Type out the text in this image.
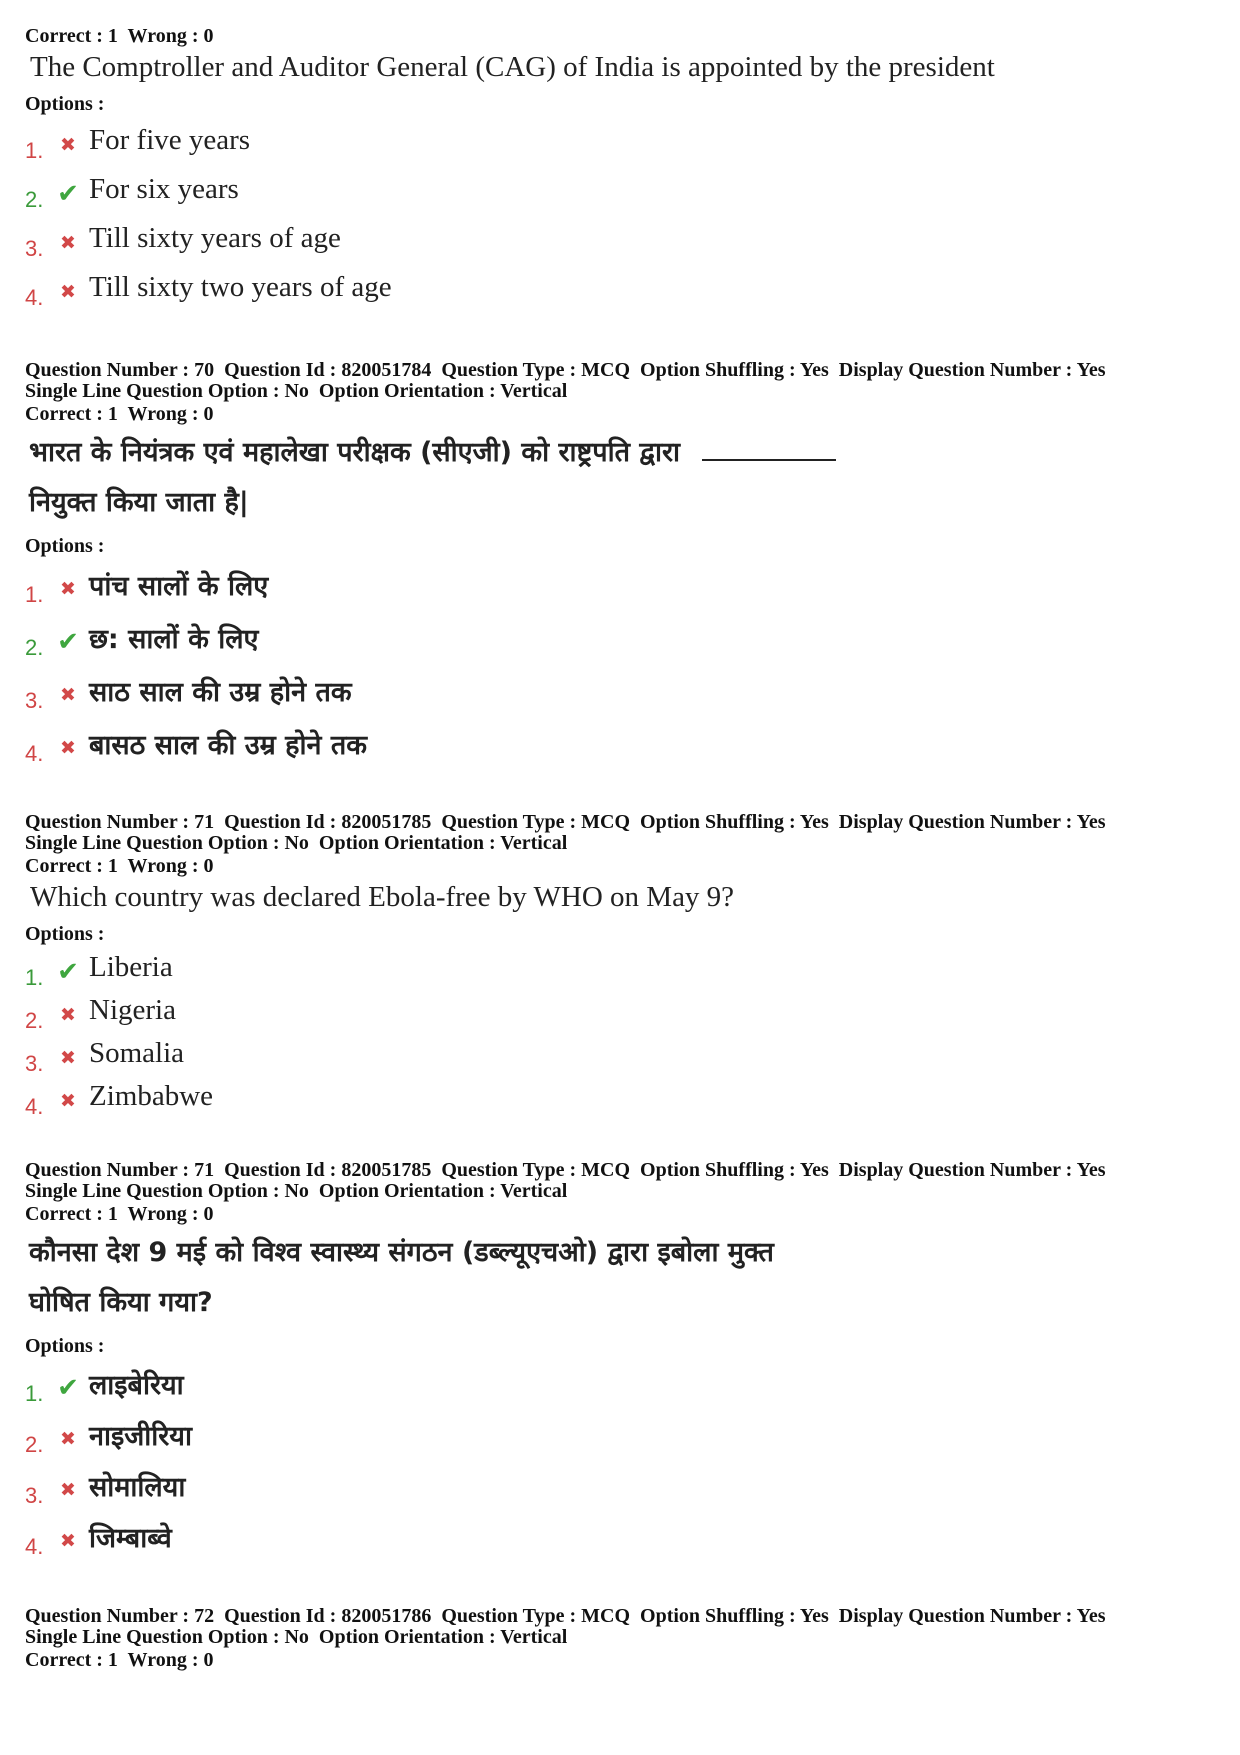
Correct : 1  Wrong : 0
The Comptroller and Auditor General (CAG) of India is appointed by the president
Options :
1. ✖ For five years
2. ✔ For six years
3. ✖ Till sixty years of age
4. ✖ Till sixty two years of age
Question Number : 70  Question Id : 820051784  Question Type : MCQ  Option Shuffling : Yes  Display Question Number : Yes
Single Line Question Option : No  Option Orientation : Vertical
Correct : 1  Wrong : 0
भारत के नियंत्रक एवं महालेखा परीक्षक (सीएजी) को राष्ट्रपति द्वारा
नियुक्त किया जाता है|
Options :
1. ✖ पांच सालों के लिए
2. ✔ छ: सालों के लिए
3. ✖ साठ साल की उम्र होने तक
4. ✖ बासठ साल की उम्र होने तक
Question Number : 71  Question Id : 820051785  Question Type : MCQ  Option Shuffling : Yes  Display Question Number : Yes
Single Line Question Option : No  Option Orientation : Vertical
Correct : 1  Wrong : 0
Which country was declared Ebola-free by WHO on May 9?
Options :
1. ✔ Liberia
2. ✖ Nigeria
3. ✖ Somalia
4. ✖ Zimbabwe
Question Number : 71  Question Id : 820051785  Question Type : MCQ  Option Shuffling : Yes  Display Question Number : Yes
Single Line Question Option : No  Option Orientation : Vertical
Correct : 1  Wrong : 0
कौनसा देश 9 मई को विश्व स्वास्थ्य संगठन (डब्ल्यूएचओ) द्वारा इबोला मुक्त
घोषित किया गया?
Options :
1. ✔ लाइबेरिया
2. ✖ नाइजीरिया
3. ✖ सोमालिया
4. ✖ जिम्बाब्वे
Question Number : 72  Question Id : 820051786  Question Type : MCQ  Option Shuffling : Yes  Display Question Number : Yes
Single Line Question Option : No  Option Orientation : Vertical
Correct : 1  Wrong : 0
